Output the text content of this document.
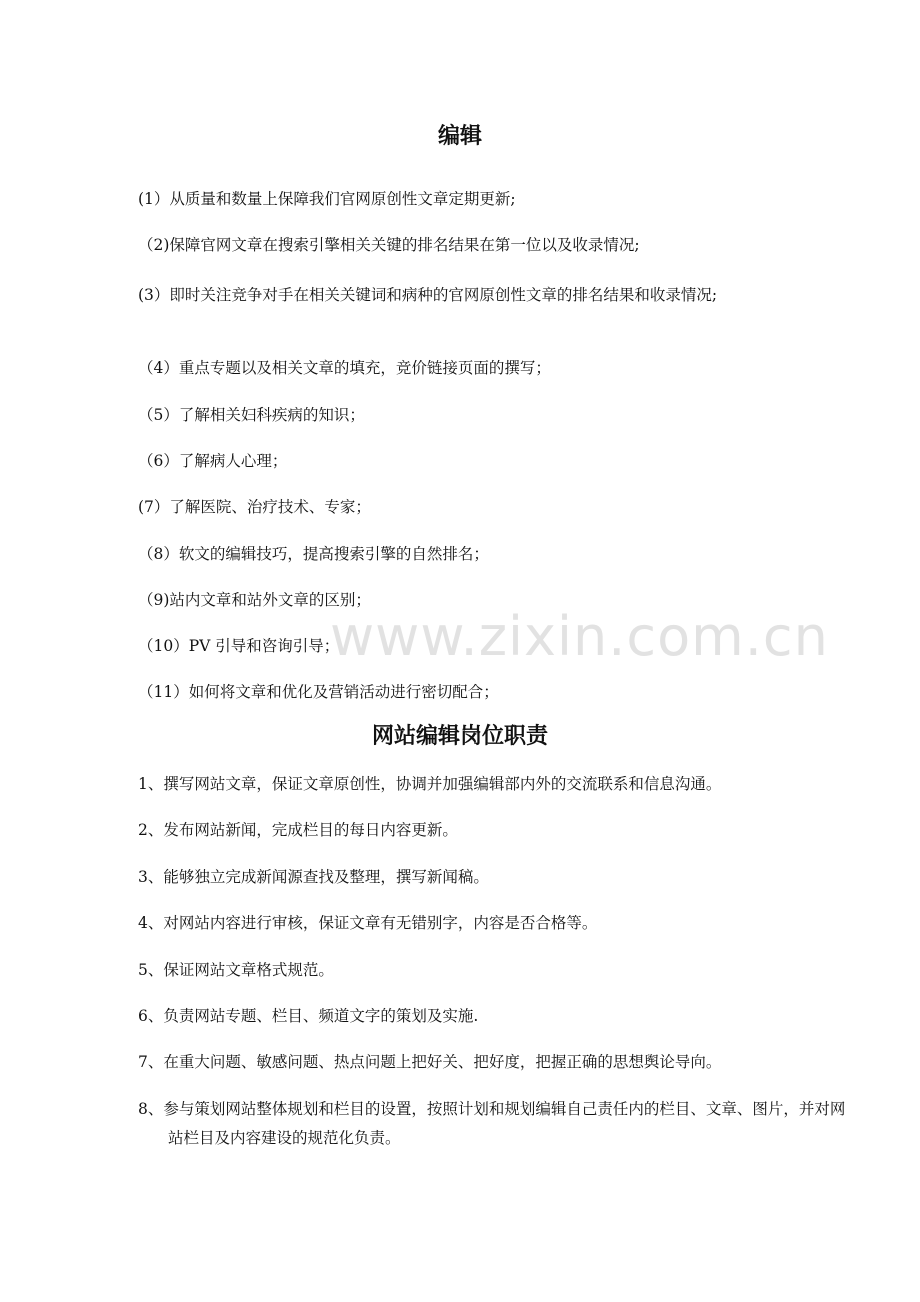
编辑
(1）从质量和数量上保障我们官网原创性文章定期更新;
（2)保障官网文章在搜索引擎相关关键的排名结果在第一位以及收录情况;
(3）即时关注竞争对手在相关关键词和病种的官网原创性文章的排名结果和收录情况;
（4）重点专题以及相关文章的填充，竞价链接页面的撰写；
（5）了解相关妇科疾病的知识；
（6）了解病人心理；
(7）了解医院、治疗技术、专家；
（8）软文的编辑技巧，提高搜索引擎的自然排名；
（9)站内文章和站外文章的区别；
（10）PV 引导和咨询引导；
（11）如何将文章和优化及营销活动进行密切配合；
网站编辑岗位职责
1、撰写网站文章，保证文章原创性，协调并加强编辑部内外的交流联系和信息沟通。
2、发布网站新闻，完成栏目的每日内容更新。
3、能够独立完成新闻源查找及整理，撰写新闻稿。
4、对网站内容进行审核，保证文章有无错别字，内容是否合格等。
5、保证网站文章格式规范。
6、负责网站专题、栏目、频道文字的策划及实施.
7、在重大问题、敏感问题、热点问题上把好关、把好度，把握正确的思想舆论导向。
8、参与策划网站整体规划和栏目的设置，按照计划和规划编辑自己责任内的栏目、文章、图片，并对网站栏目及内容建设的规范化负责。
www.zixin.com.cn
